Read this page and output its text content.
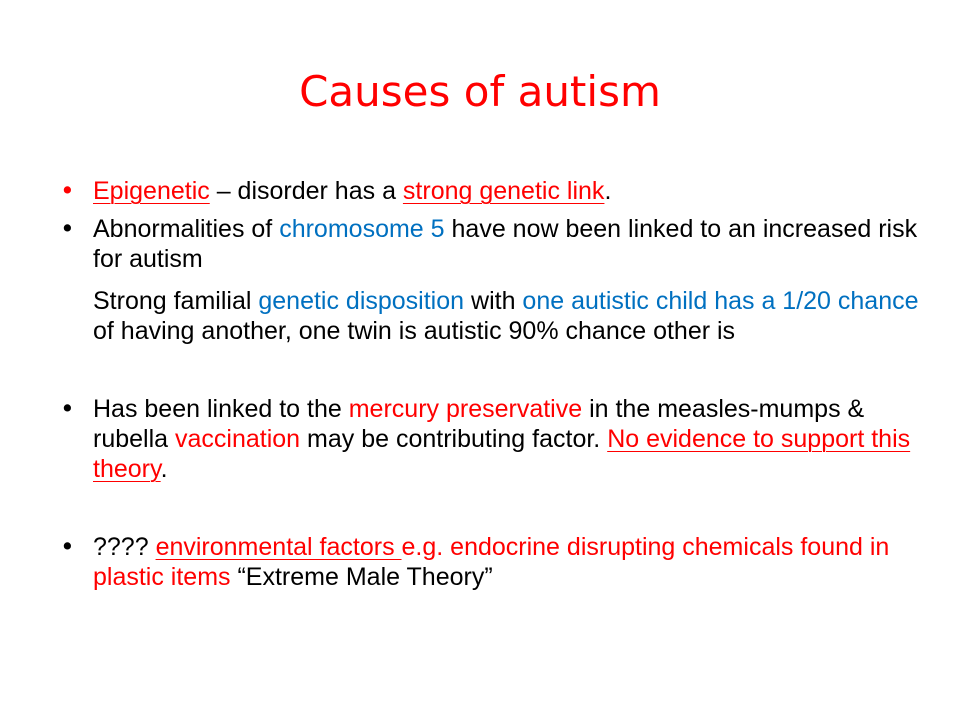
Causes of autism
• Epigenetic – disorder has a strong genetic link.
• Abnormalities of chromosome 5 have now been linked to an increased risk for autism
Strong familial genetic disposition with one autistic child has a 1/20 chance of having another, one twin is autistic 90% chance other is
• Has been linked to the mercury preservative in the measles-mumps & rubella vaccination may be contributing factor. No evidence to support this theory.
• ???? environmental factors e.g. endocrine disrupting chemicals found in plastic items “Extreme Male Theory”
